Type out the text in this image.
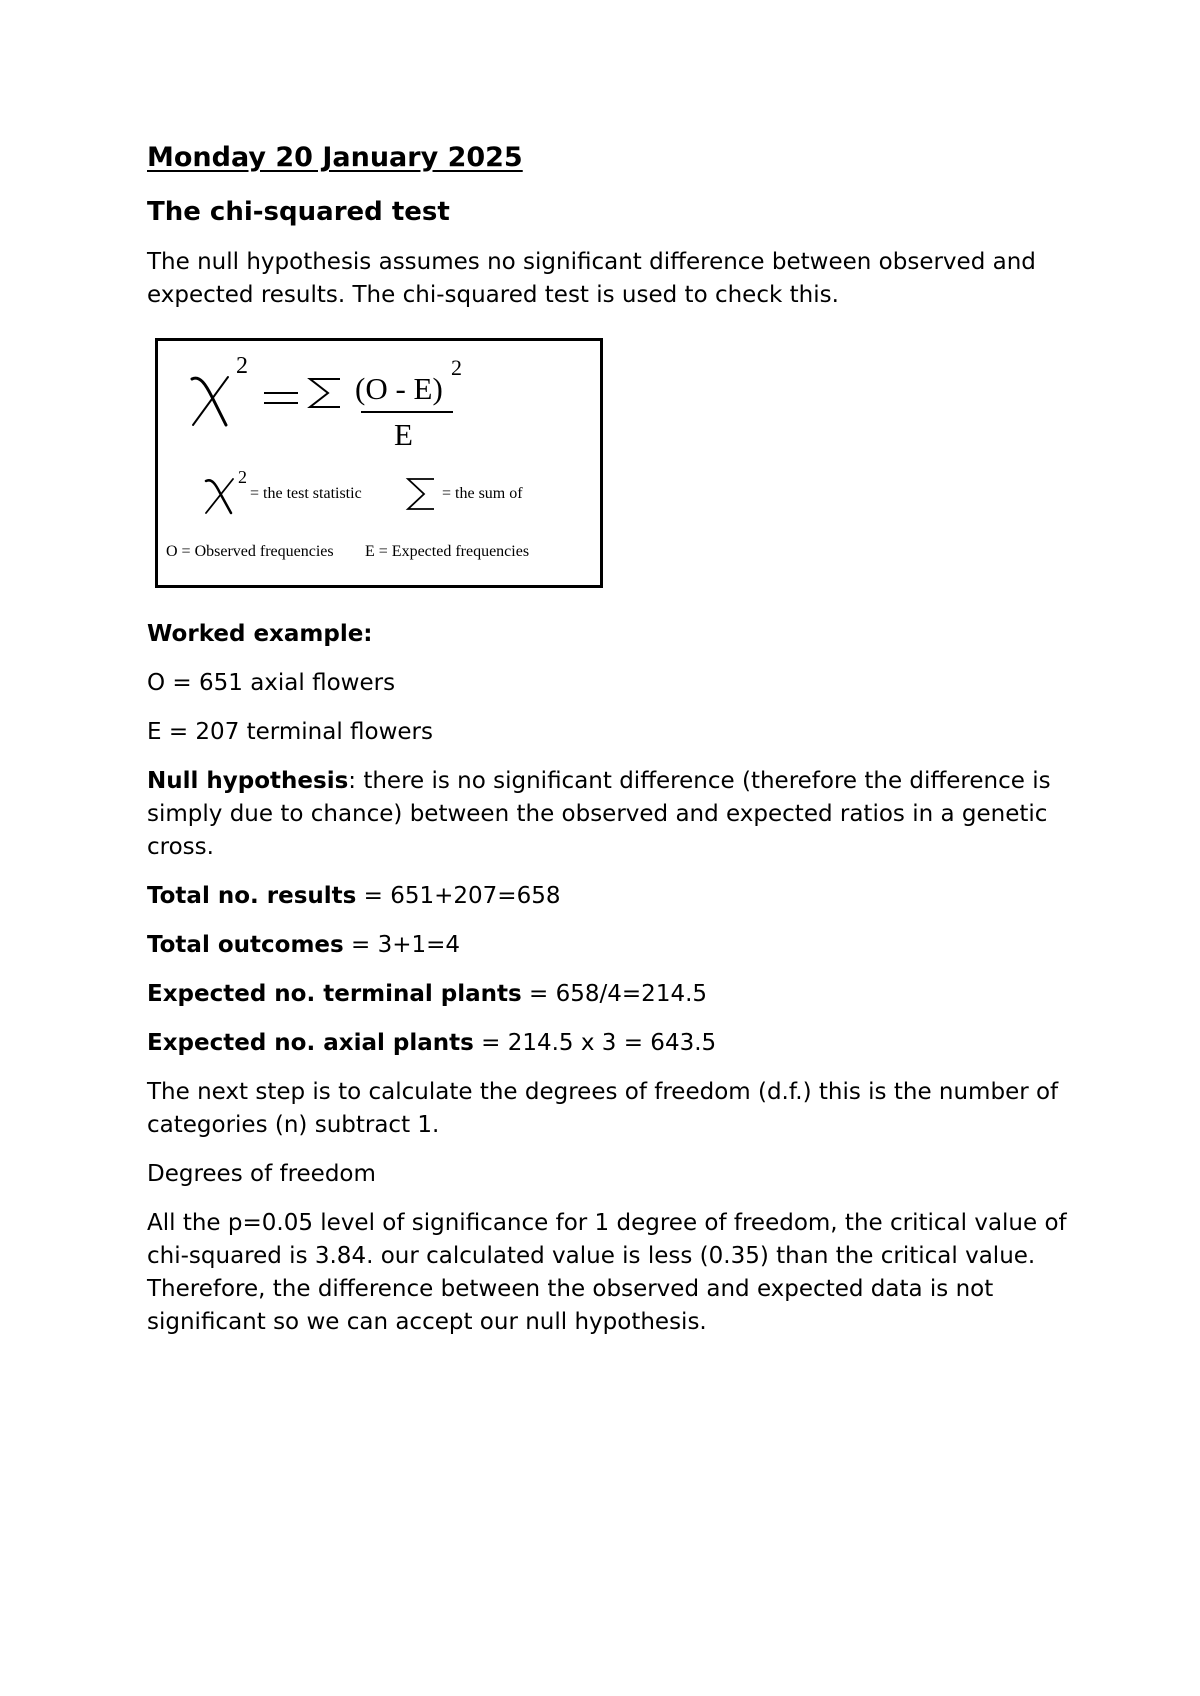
Monday 20 January 2025
The chi-squared test

The null hypothesis assumes no significant difference between observed and expected results. The chi-squared test is used to check this.

2
(O - E)
2
E
2
= the test statistic	= the sum of
O = Observed frequencies E = Expected frequencies

Worked example:

O = 651 axial flowers

E = 207 terminal flowers

Null hypothesis: there is no significant difference (therefore the difference is simply due to chance) between the observed and expected ratios in a genetic cross.

Total no. results = 651+207=658

Total outcomes = 3+1=4

Expected no. terminal plants = 658/4=214.5

Expected no. axial plants = 214.5 x 3 = 643.5

The next step is to calculate the degrees of freedom (d.f.) this is the number of categories (n) subtract 1.

Degrees of freedom

All the p=0.05 level of significance for 1 degree of freedom, the critical value of chi-squared is 3.84. our calculated value is less (0.35) than the critical value. Therefore, the difference between the observed and expected data is not significant so we can accept our null hypothesis.
